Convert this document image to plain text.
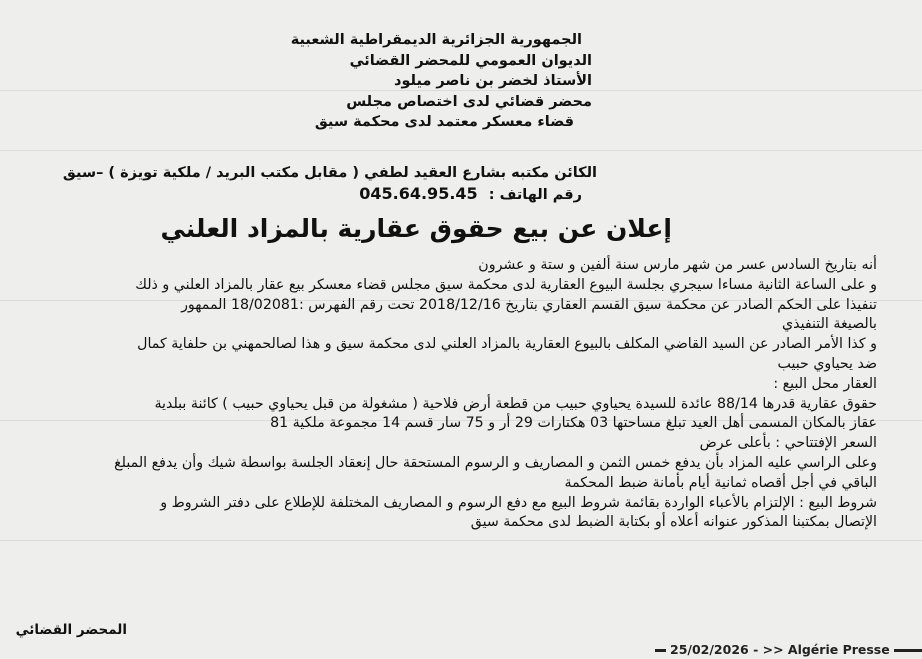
الجمهورية الجزائرية الديمقراطية الشعبية
الديوان العمومي للمحضر القضائي
الأستاذ لخضر بن ناصر ميلود
محضر قضائي لدى اختصاص مجلس
قضاء معسكر معتمد لدى محكمة سيق
الكائن مكتبه بشارع العقيد لطفي ( مقابل مكتب البريد / ملكية تويزة ) –سيق
رقم الهاتف : 045.64.95.45
إعلان عن بيع حقوق عقارية بالمزاد العلني

أنه بتاريخ السادس عسر من شهر مارس سنة ألفين و ستة و عشرون

و على الساعة الثانية مساءا سيجري بجلسة البيوع العقارية لدى محكمة سيق مجلس قضاء معسكر بيع عقار بالمزاد العلني و ذلك

تنفيذا على الحكم الصادر عن محكمة سيق القسم العقاري بتاريخ 2018/12/16 تحت رقم الفهرس :18/02081 الممهور

بالصيغة التنفيذي

و كذا الأمر الصادر عن السيد القاضي المكلف بالبيوع العقارية بالمزاد العلني لدى محكمة سيق و هذا لصالحمهني بن حلفاية كمال

ضد يحياوي حبيب

العقار محل البيع :

حقوق عقارية قدرها 88/14 عائدة للسيدة يحياوي حبيب من قطعة أرض فلاحية ( مشغولة من قبل يحياوي حبيب ) كائنة ببلدية

عقاز بالمكان المسمى أهل العيد تبلغ مساحتها 03 هكتارات 29 أر و 75 سار قسم 14 مجموعة ملكية 81

السعر الإفتتاحي : بأعلى عرض

وعلى الراسي عليه المزاد بأن يدفع خمس الثمن و المصاريف و الرسوم المستحقة حال إنعقاد الجلسة بواسطة شيك وأن يدفع المبلغ

الباقي في أجل أقصاه ثمانية أيام بأمانة ضبط المحكمة

شروط البيع : الإلتزام بالأعباء الواردة بقائمة شروط البيع مع دفع الرسوم و المصاريف المختلفة للإطلاع على دفتر الشروط و

الإتصال بمكتبنا المذكور عنوانه أعلاه أو بكتابة الضبط لدى محكمة سيق

المحضر القضائي
25/02/2026 - >> Algérie Presse
